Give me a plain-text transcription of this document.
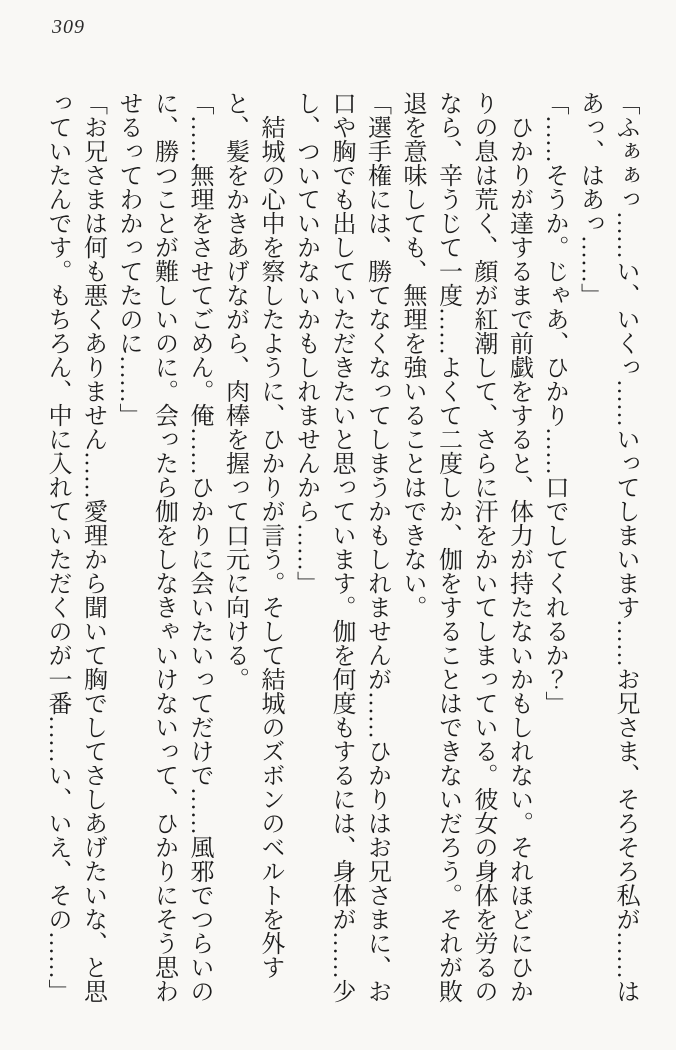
309

「ふぁぁっ……い、いくっ……いってしまいます……お兄さま、そろそろ私が……はあっ、はあっ……」

「……そうか。じゃあ、ひかり……口でしてくれるか？」

ひかりが達するまで前戯をすると、体力が持たないかもしれない。それほどにひかりの息は荒く、顔が紅潮して、さらに汗をかいてしまっている。彼女の身体を労るのなら、辛うじて一度……よくて二度しか、伽をすることはできないだろう。それが敗退を意味しても、無理を強いることはできない。

「選手権には、勝てなくなってしまうかもしれませんが……ひかりはお兄さまに、お口や胸でも出していただきたいと思っています。伽を何度もするには、身体が……少し、ついていかないかもしれませんから……」

結城の心中を察したように、ひかりが言う。そして結城のズボンのベルトを外すと、髪をかきあげながら、肉棒を握って口元に向ける。

「……無理をさせてごめん。俺……ひかりに会いたいってだけで……風邪でつらいのに、勝つことが難しいのに。会ったら伽をしなきゃいけないって、ひかりにそう思わせるってわかってたのに……」

「お兄さまは何も悪くありません……愛理から聞いて胸でしてさしあげたいな、と思っていたんです。もちろん、中に入れていただくのが一番……い、いえ、その……」
